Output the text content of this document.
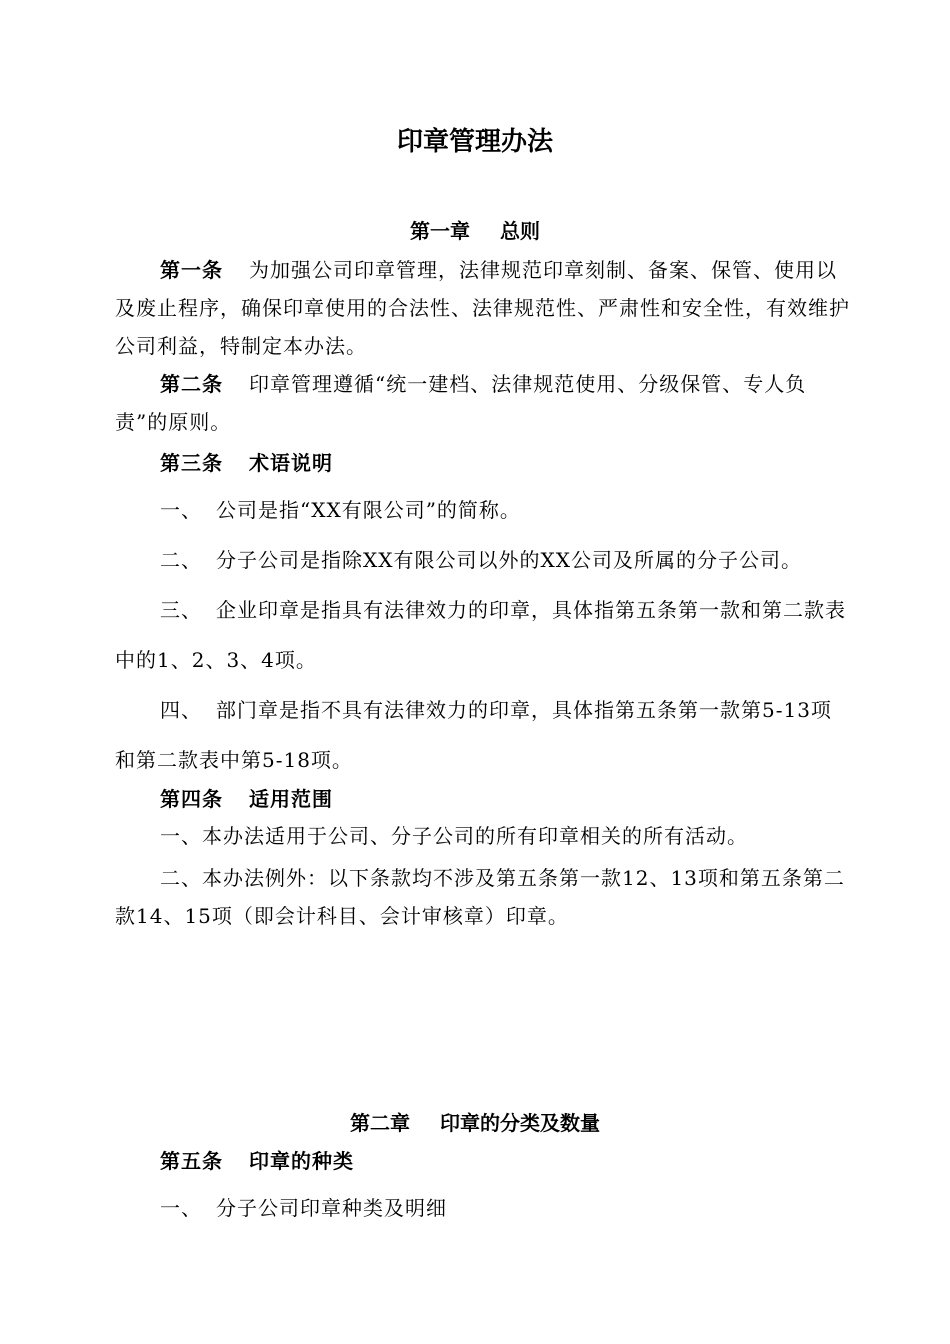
印章管理办法
第一章 总则

第一条 为加强公司印章管理，法律规范印章刻制、备案、保管、使用以及废止程序，确保印章使用的合法性、法律规范性、严肃性和安全性，有效维护公司利益，特制定本办法。

第二条 印章管理遵循“统一建档、法律规范使用、分级保管、专人负责”的原则。

第三条 术语说明

一、 公司是指“XX有限公司”的简称。

二、 分子公司是指除XX有限公司以外的XX公司及所属的分子公司。

三、 企业印章是指具有法律效力的印章，具体指第五条第一款和第二款表中的1、2、3、4项。

四、 部门章是指不具有法律效力的印章，具体指第五条第一款第5-13项和第二款表中第5-18项。

第四条 适用范围

一、本办法适用于公司、分子公司的所有印章相关的所有活动。

二、本办法例外：以下条款均不涉及第五条第一款12、13项和第五条第二款14、15项（即会计科目、会计审核章）印章。

第二章 印章的分类及数量

第五条 印章的种类

一、 分子公司印章种类及明细
